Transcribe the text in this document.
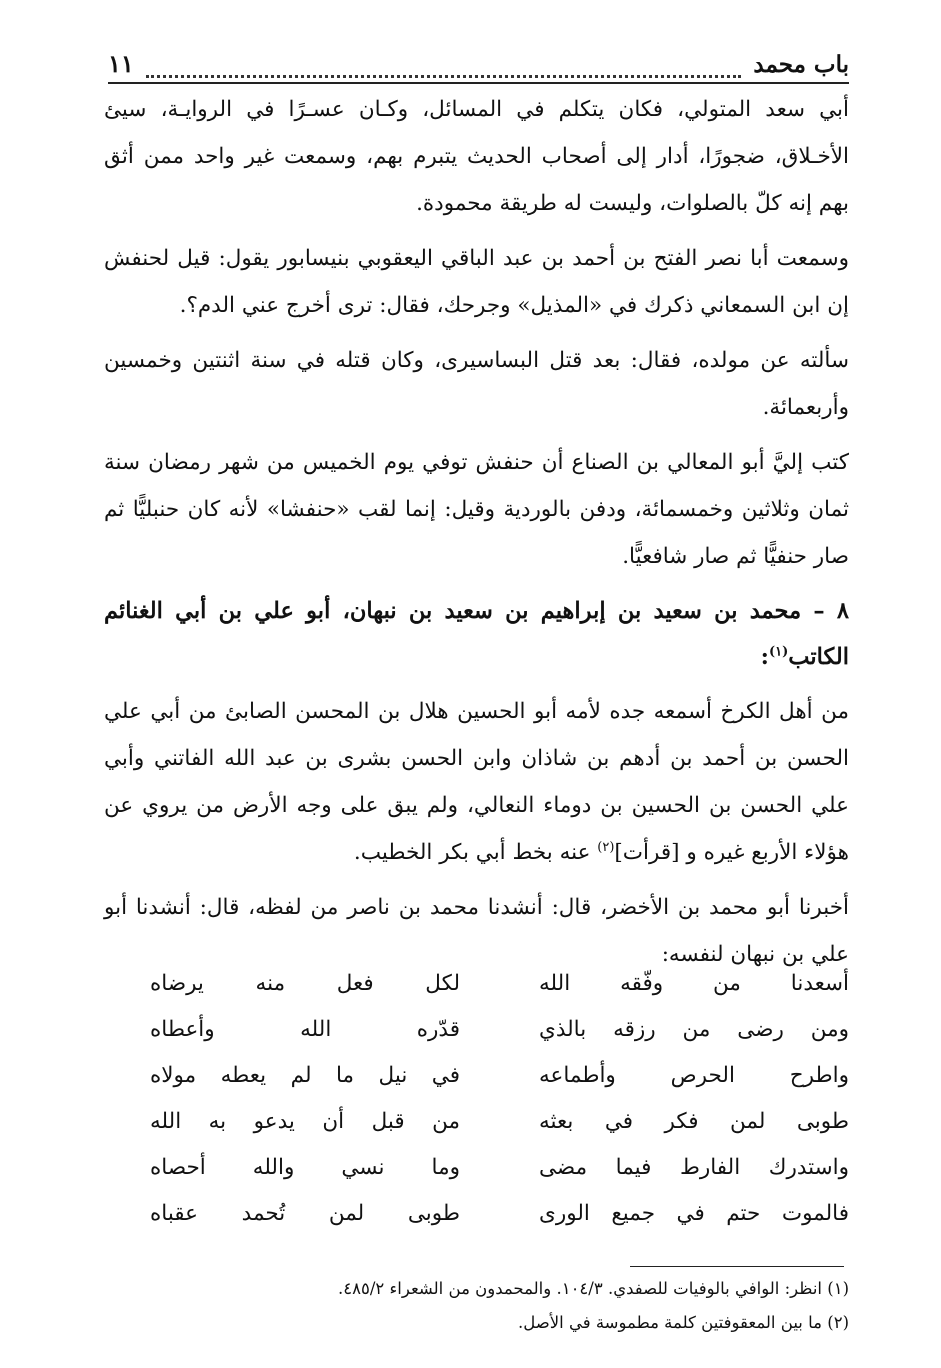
باب محمد
١١

أبي سعد المتولي، فكان يتكلم في المسائل، وكـان عسـرًا في الروايـة، سيئ الأخـلاق، ضجورًا، أدار إلى أصحاب الحديث يتبرم بهم، وسمعت غير واحد ممن أثق بهم إنه كلّ بالصلوات، وليست له طريقة محمودة.

وسمعت أبا نصر الفتح بن أحمد بن عبد الباقي اليعقوبي بنيسابور يقول: قيل لحنفش إن ابن السمعاني ذكرك في «المذيل» وجرحك، فقال: ترى أخرج عني الدم؟.

سألته عن مولده، فقال: بعد قتل البساسيرى، وكان قتله في سنة اثنتين وخمسين وأربعمائة.

كتب إليَّ أبو المعالي بن الصناع أن حنفش توفي يوم الخميس من شهر رمضان سنة ثمان وثلاثين وخمسمائة، ودفن بالوردية وقيل: إنما لقب «حنفشا» لأنه كان حنبليًّا ثم صار حنفيًّا ثم صار شافعيًّا.

٨ – محمد بن سعيد بن إبراهيم بن سعيد بن نبهان، أبو علي بن أبي الغنائم الكاتب$^{(١)}$:

من أهل الكرخ أسمعه جده لأمه أبو الحسين هلال بن المحسن الصابئ من أبي علي الحسن بن أحمد بن أدهم بن شاذان وابن الحسن بشرى بن عبد الله الفاتني وأبي علي الحسن بن الحسين بن دوماء النعالي، ولم يبق على وجه الأرض من يروي عن هؤلاء الأربع غيره و [قرأت]$^{(٢)}$ عنه بخط أبي بكر الخطيب.

أخبرنا أبو محمد بن الأخضر، قال: أنشدنا محمد بن ناصر من لفظه، قال: أنشدنا أبو علي بن نبهان لنفسه:

أسعدنا من وفّقه الله
لكل فعل منه يرضاه
ومن رضى من رزقه بالذي
قدّره الله وأعطاه
واطرح الحرص وأطماعه
في نيل ما لم يعطه مولاه
طوبى لمن فكر في بعثه
من قبل أن يدعو به الله
واستدرك الفارط فيما مضى
وما نسي والله أحصاه
فالموت حتم في جميع الورى
طوبى لمن تُحمد عقباه
(١) انظر: الوافي بالوفيات للصفدي. ١٠٤/٣. والمحمدون من الشعراء ٤٨٥/٢.
(٢) ما بين المعقوفتين كلمة مطموسة في الأصل.
